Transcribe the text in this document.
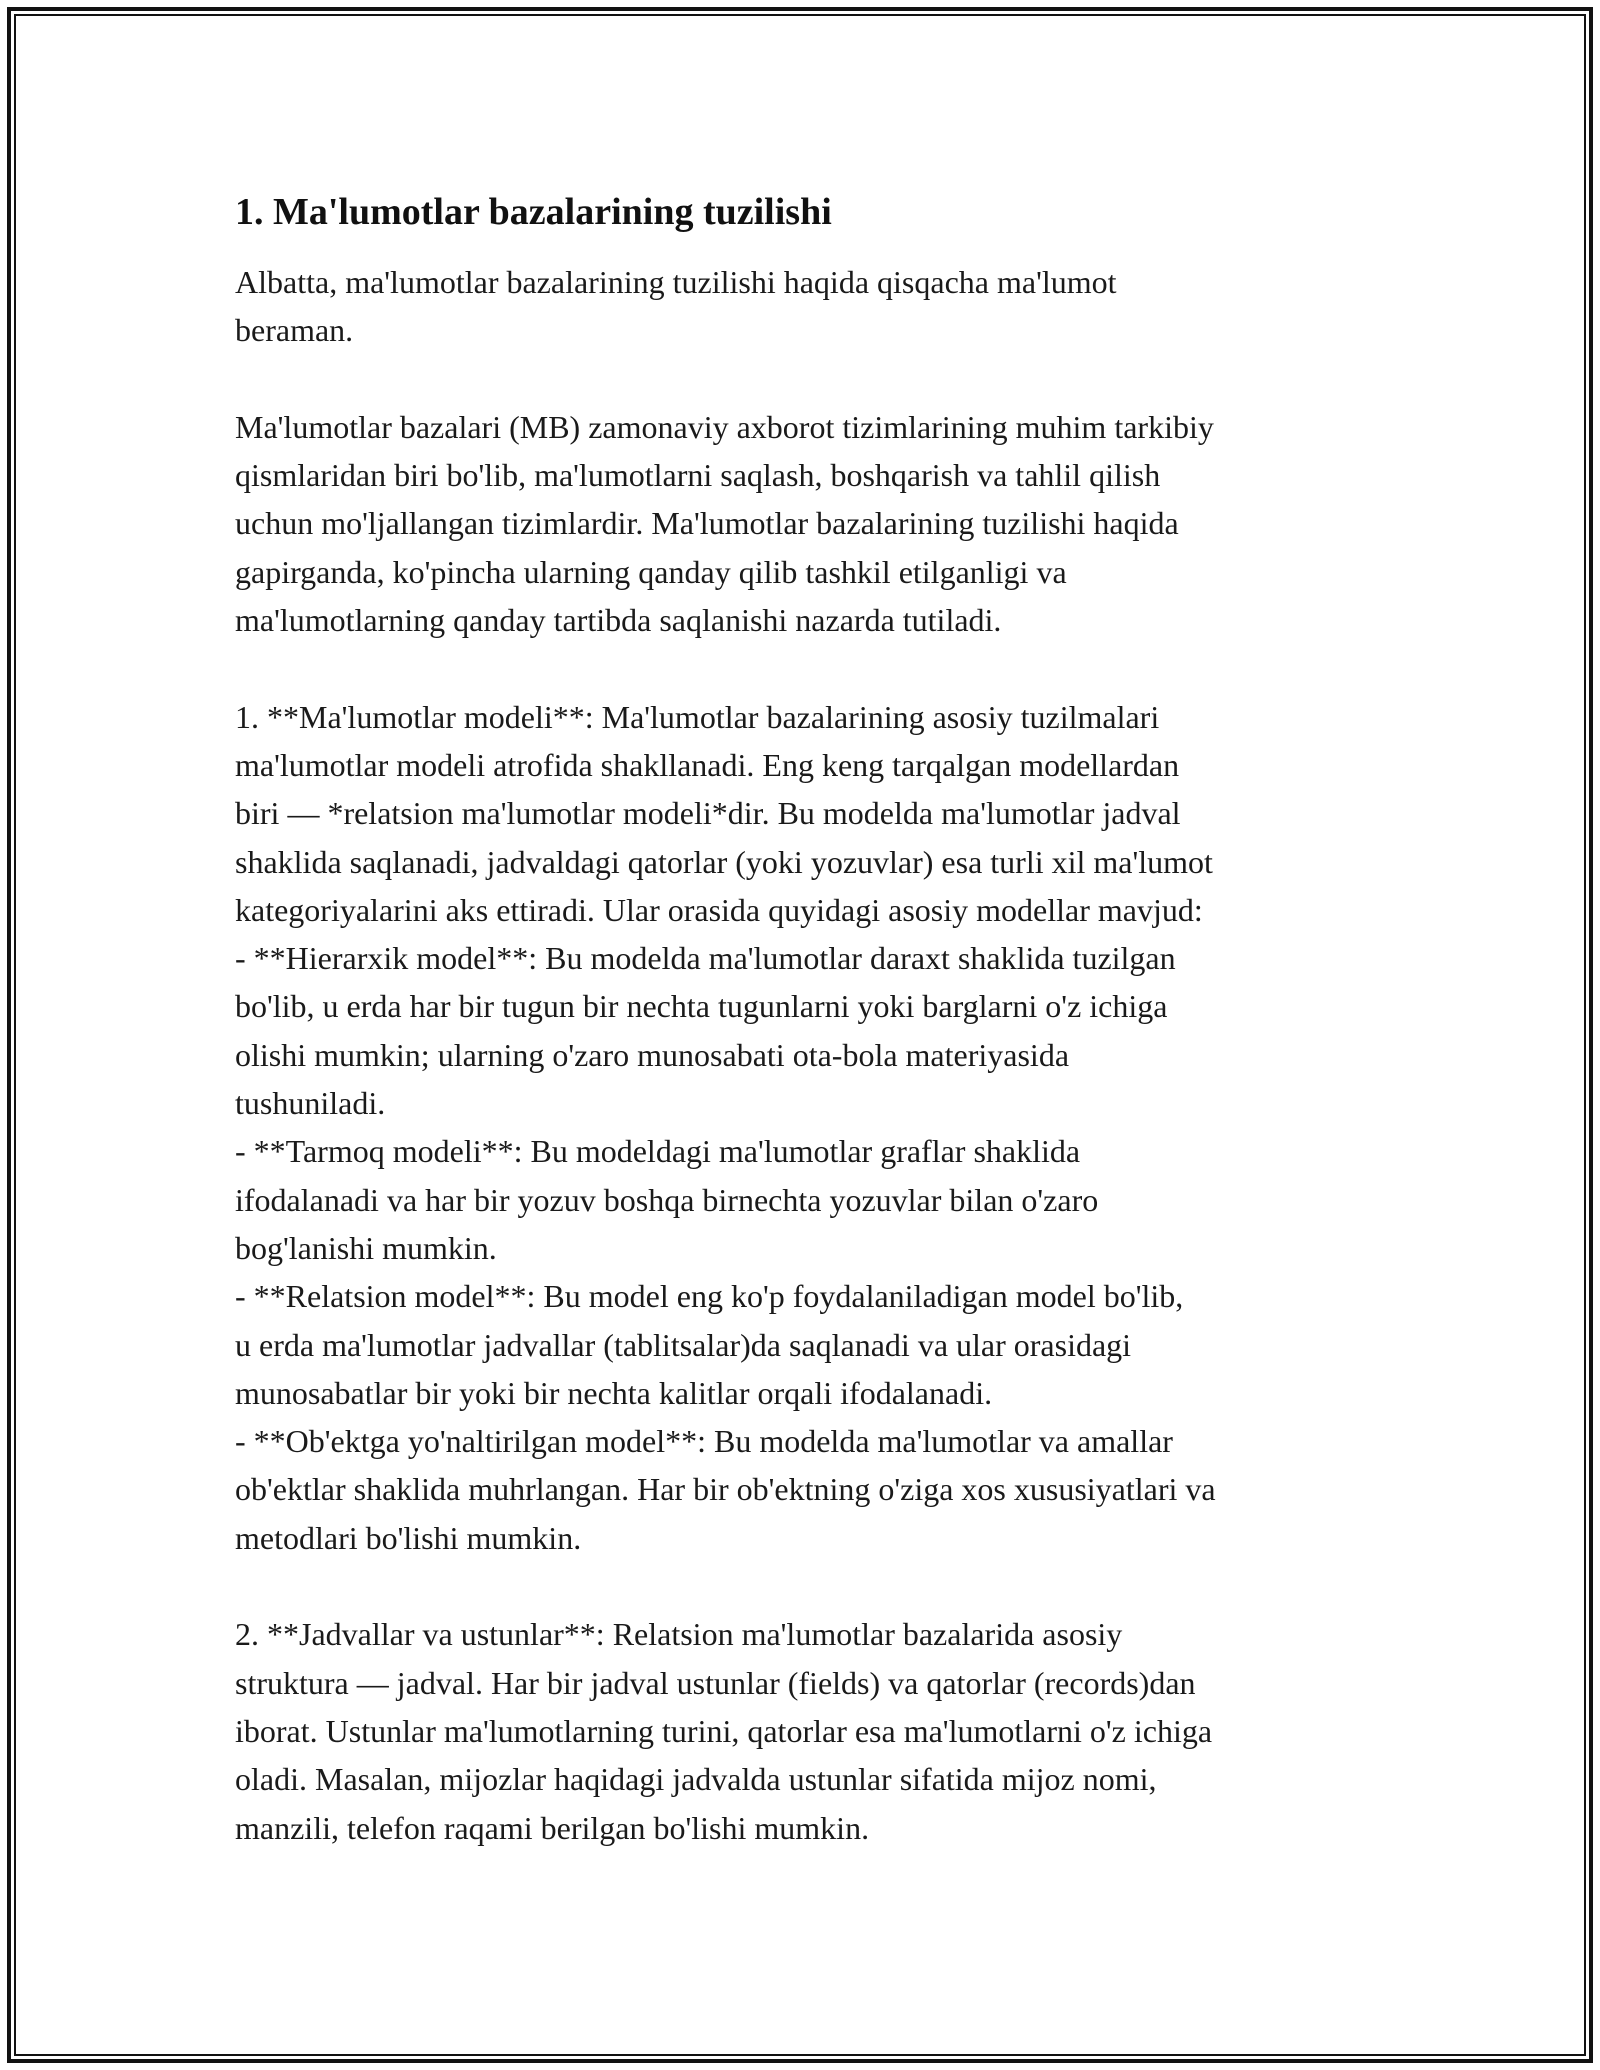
1. Ma'lumotlar bazalarining tuzilishi

Albatta, ma'lumotlar bazalarining tuzilishi haqida qisqacha ma'lumot
beraman.

Ma'lumotlar bazalari (MB) zamonaviy axborot tizimlarining muhim tarkibiy
qismlaridan biri bo'lib, ma'lumotlarni saqlash, boshqarish va tahlil qilish
uchun mo'ljallangan tizimlardir. Ma'lumotlar bazalarining tuzilishi haqida
gapirganda, ko'pincha ularning qanday qilib tashkil etilganligi va
ma'lumotlarning qanday tartibda saqlanishi nazarda tutiladi.

1. **Ma'lumotlar modeli**: Ma'lumotlar bazalarining asosiy tuzilmalari
ma'lumotlar modeli atrofida shakllanadi. Eng keng tarqalgan modellardan
biri — *relatsion ma'lumotlar modeli*dir. Bu modelda ma'lumotlar jadval
shaklida saqlanadi, jadvaldagi qatorlar (yoki yozuvlar) esa turli xil ma'lumot
kategoriyalarini aks ettiradi. Ular orasida quyidagi asosiy modellar mavjud:
- **Hierarxik model**: Bu modelda ma'lumotlar daraxt shaklida tuzilgan
bo'lib, u erda har bir tugun bir nechta tugunlarni yoki barglarni o'z ichiga
olishi mumkin; ularning o'zaro munosabati ota-bola materiyasida
tushuniladi.
- **Tarmoq modeli**: Bu modeldagi ma'lumotlar graflar shaklida
ifodalanadi va har bir yozuv boshqa birnechta yozuvlar bilan o'zaro
bog'lanishi mumkin.
- **Relatsion model**: Bu model eng ko'p foydalaniladigan model bo'lib,
u erda ma'lumotlar jadvallar (tablitsalar)da saqlanadi va ular orasidagi
munosabatlar bir yoki bir nechta kalitlar orqali ifodalanadi.
- **Ob'ektga yo'naltirilgan model**: Bu modelda ma'lumotlar va amallar
ob'ektlar shaklida muhrlangan. Har bir ob'ektning o'ziga xos xususiyatlari va
metodlari bo'lishi mumkin.

2. **Jadvallar va ustunlar**: Relatsion ma'lumotlar bazalarida asosiy
struktura — jadval. Har bir jadval ustunlar (fields) va qatorlar (records)dan
iborat. Ustunlar ma'lumotlarning turini, qatorlar esa ma'lumotlarni o'z ichiga
oladi. Masalan, mijozlar haqidagi jadvalda ustunlar sifatida mijoz nomi,
manzili, telefon raqami berilgan bo'lishi mumkin.
